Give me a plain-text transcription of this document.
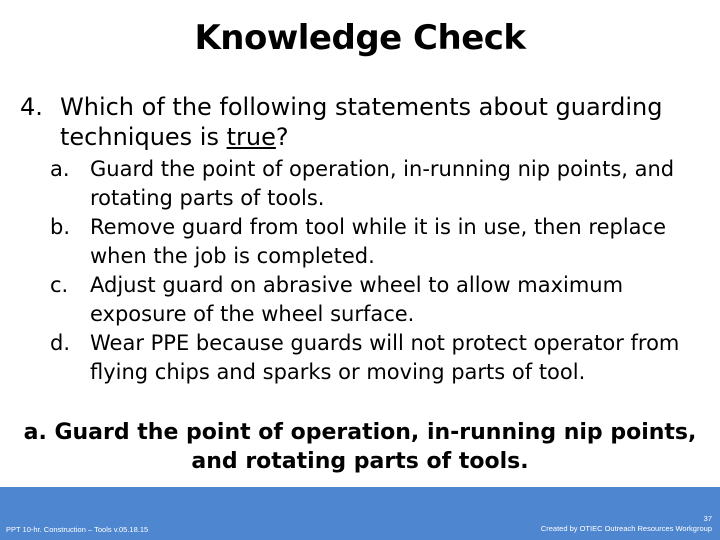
Knowledge Check
4. Which of the following statements about guarding techniques is true?

a. Guard the point of operation, in-running nip points, and rotating parts of tools.

b. Remove guard from tool while it is in use, then replace when the job is completed.

c. Adjust guard on abrasive wheel to allow maximum exposure of the wheel surface.

d. Wear PPE because guards will not protect operator from flying chips and sparks or moving parts of tool.

a. Guard the point of operation, in-running nip points, and rotating parts of tools.
PPT 10-hr. Construction – Tools v.05.18.15
37
Created by OTIEC Outreach Resources Workgroup
